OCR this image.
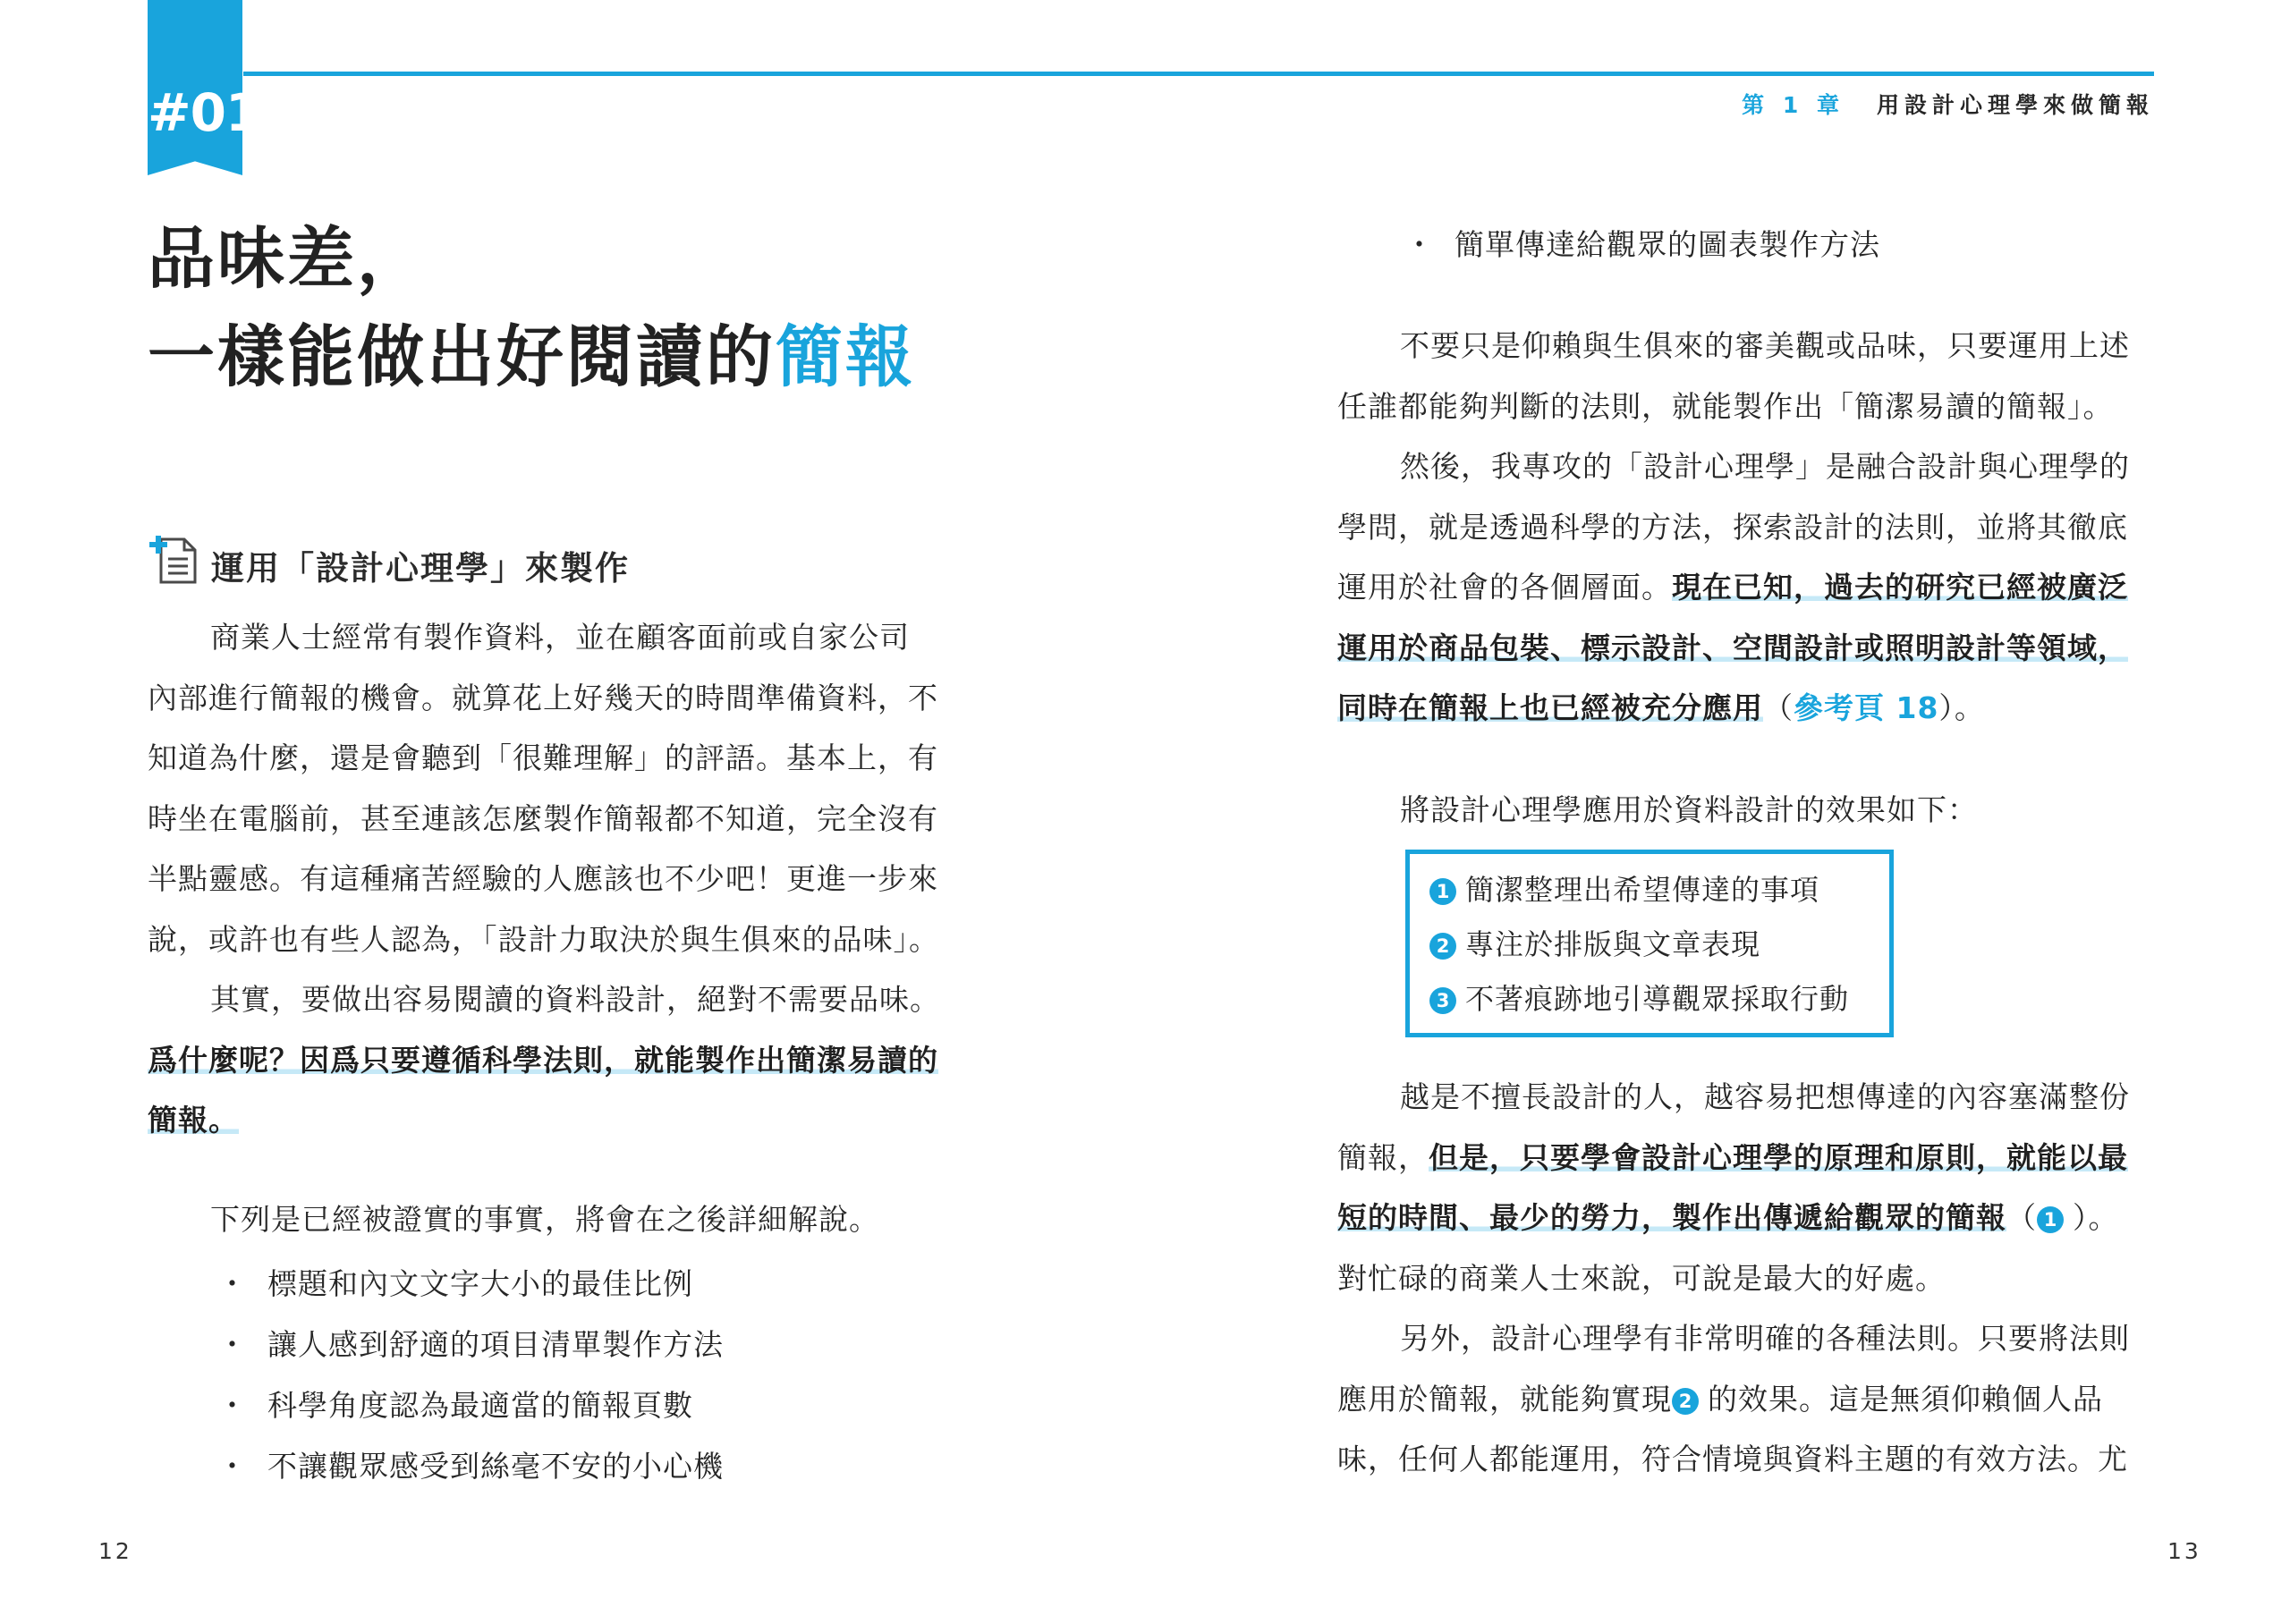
#01	第 1 章 用設計心理學來做簡報
品味差，
一樣能做出好閱讀的簡報
運用「設計心理學」來製作
商業人士經常有製作資料，並在顧客面前或自家公司
內部進行簡報的機會。就算花上好幾天的時間準備資料，不
知道為什麼，還是會聽到「很難理解」的評語。基本上，有
時坐在電腦前，甚至連該怎麼製作簡報都不知道，完全沒有
半點靈感。有這種痛苦經驗的人應該也不少吧！更進一步來
說，或許也有些人認為，「設計力取決於與生俱來的品味」。
其實，要做出容易閱讀的資料設計，絕對不需要品味。
爲什麼呢？因爲只要遵循科學法則，就能製作出簡潔易讀的
簡報。
下列是已經被證實的事實，將會在之後詳細解說。
・ 標題和內文文字大小的最佳比例
・ 讓人感到舒適的項目清單製作方法
・ 科學角度認為最適當的簡報頁數
・ 不讓觀眾感受到絲毫不安的小心機
・ 簡單傳達給觀眾的圖表製作方法
不要只是仰賴與生俱來的審美觀或品味，只要運用上述
任誰都能夠判斷的法則，就能製作出「簡潔易讀的簡報」。
然後，我專攻的「設計心理學」是融合設計與心理學的
學問，就是透過科學的方法，探索設計的法則，並將其徹底
運用於社會的各個層面。現在已知，過去的研究已經被廣泛
運用於商品包裝、標示設計、空間設計或照明設計等領域，
同時在簡報上也已經被充分應用（參考頁 18）。
將設計心理學應用於資料設計的效果如下：
1 簡潔整理出希望傳達的事項
2 專注於排版與文章表現
3 不著痕跡地引導觀眾採取行動
越是不擅長設計的人，越容易把想傳達的內容塞滿整份
簡報，但是，只要學會設計心理學的原理和原則，就能以最
短的時間、最少的勞力，製作出傳遞給觀眾的簡報（ 1 ）。
對忙碌的商業人士來說，可說是最大的好處。
另外，設計心理學有非常明確的各種法則。只要將法則
應用於簡報，就能夠實現 2 的效果。這是無須仰賴個人品
味，任何人都能運用，符合情境與資料主題的有效方法。尤
12	13
